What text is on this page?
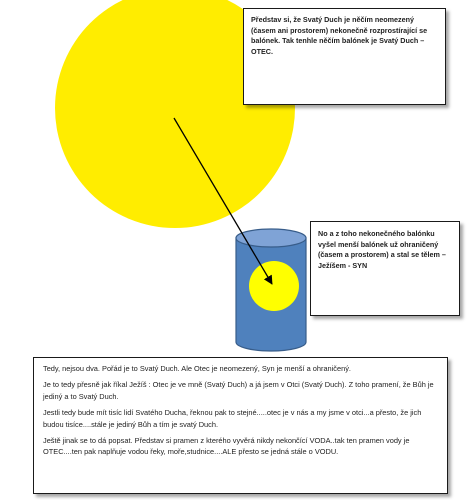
Představ si, že Svatý Duch je něčím neomezený (časem ani prostorem) nekonečně rozprostírající se balónek. Tak tenhle něčím balónek je Svatý Duch – OTEC.
No a z toho nekonečného balónku vyšel menší balónek už ohraničený (časem a prostorem) a stal se tělem – Ježíšem - SYN

Tedy, nejsou dva. Pořád je to Svatý Duch. Ale Otec je neomezený, Syn je menší a ohraničený.

Je to tedy přesně jak říkal Ježíš : Otec je ve mně (Svatý Duch) a já jsem v Otci (Svatý Duch). Z toho pramení, že Bůh je jediný a to Svatý Duch.

Jestli tedy bude mít tisíc lidí Svatého Ducha, řeknou pak to stejné.....otec je v nás a my jsme v otci...a přesto, že jich budou tisíce....stále je jediný Bůh a tím je svatý Duch.

Ještě jinak se to dá popsat. Představ si pramen z kterého vyvěrá nikdy nekončící VODA..tak ten pramen vody je OTEC....ten pak naplňuje vodou řeky, moře,studnice....ALE přesto se jedná stále o VODU.
